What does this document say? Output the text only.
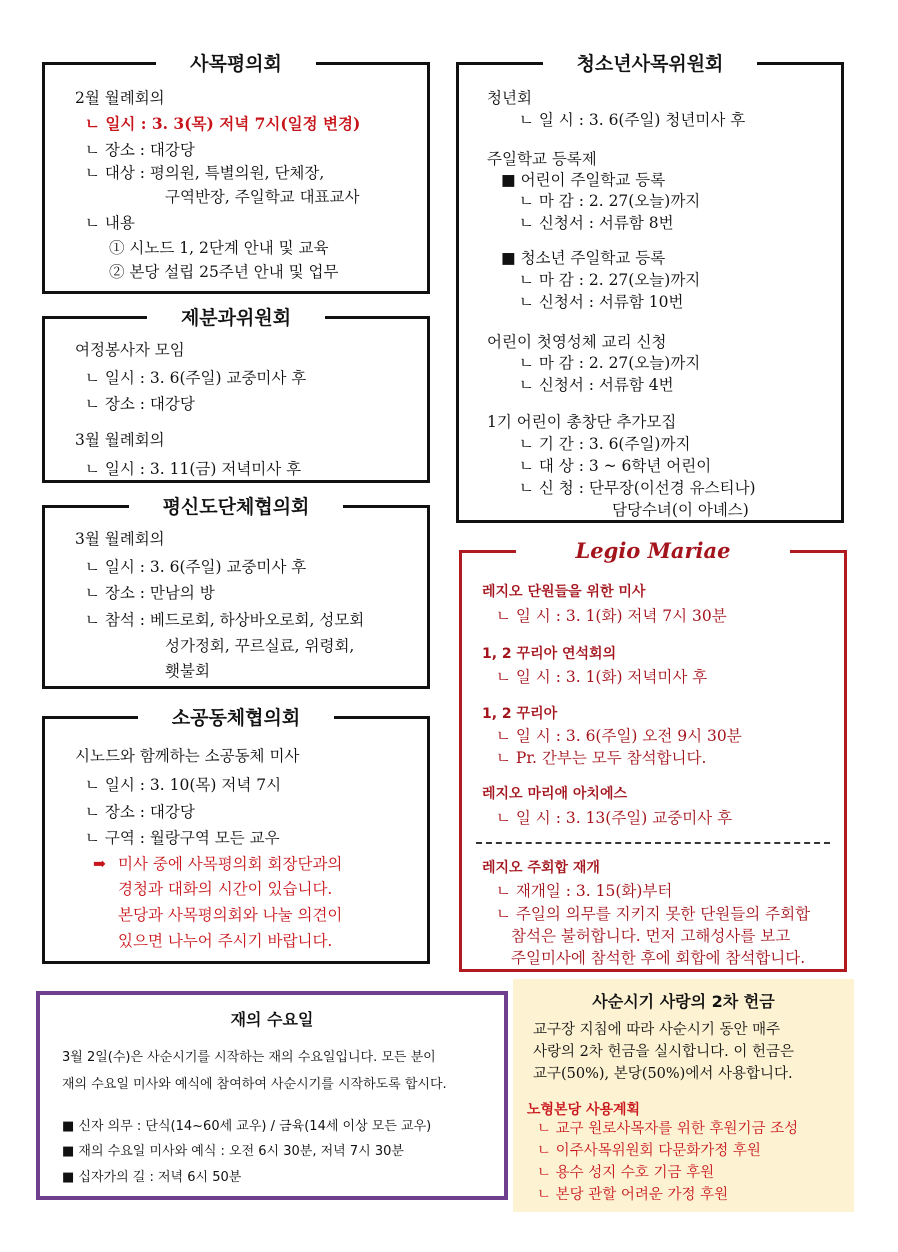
사목평의회
2월 월례회의
ㄴ 일시 : 3. 3(목) 저녁 7시(일정 변경)
ㄴ 장소 : 대강당
ㄴ 대상 : 평의원, 특별의원, 단체장,
구역반장, 주일학교 대표교사
ㄴ 내용
① 시노드 1, 2단계 안내 및 교육
② 본당 설립 25주년 안내 및 업무
제분과위원회
여정봉사자 모임
ㄴ 일시 : 3. 6(주일) 교중미사 후
ㄴ 장소 : 대강당
3월 월례회의
ㄴ 일시 : 3. 11(금) 저녁미사 후
평신도단체협의회
3월 월례회의
ㄴ 일시 : 3. 6(주일) 교중미사 후
ㄴ 장소 : 만남의 방
ㄴ 참석 : 베드로회, 하상바오로회, 성모회
성가정회, 꾸르실료, 위령회,
횃불회
소공동체협의회
시노드와 함께하는 소공동체 미사
ㄴ 일시 : 3. 10(목) 저녁 7시
ㄴ 장소 : 대강당
ㄴ 구역 : 월랑구역 모든 교우
➡ 미사 중에 사목평의회 회장단과의
경청과 대화의 시간이 있습니다.
본당과 사목평의회와 나눌 의견이
있으면 나누어 주시기 바랍니다.
청소년사목위원회
청년회
ㄴ 일 시 : 3. 6(주일) 청년미사 후
주일학교 등록제
■ 어린이 주일학교 등록
ㄴ 마 감 : 2. 27(오늘)까지
ㄴ 신청서 : 서류함 8번
■ 청소년 주일학교 등록
ㄴ 마 감 : 2. 27(오늘)까지
ㄴ 신청서 : 서류함 10번
어린이 첫영성체 교리 신청
ㄴ 마 감 : 2. 27(오늘)까지
ㄴ 신청서 : 서류함 4번
1기 어린이 총창단 추가모집
ㄴ 기 간 : 3. 6(주일)까지
ㄴ 대 상 : 3 ~ 6학년 어린이
ㄴ 신 청 : 단무장(이선경 유스티나)
담당수녀(이 아녜스)
Legio Mariae
레지오 단원들을 위한 미사
ㄴ 일 시 : 3. 1(화) 저녁 7시 30분
1, 2 꾸리아 연석회의
ㄴ 일 시 : 3. 1(화) 저녁미사 후
1, 2 꾸리아
ㄴ 일 시 : 3. 6(주일) 오전 9시 30분
ㄴ Pr. 간부는 모두 참석합니다.
레지오 마리애 아치에스
ㄴ 일 시 : 3. 13(주일) 교중미사 후
레지오 주회합 재개
ㄴ 재개일 : 3. 15(화)부터
ㄴ 주일의 의무를 지키지 못한 단원들의 주회합
참석은 불허합니다. 먼저 고해성사를 보고
주일미사에 참석한 후에 회합에 참석합니다.
재의 수요일
3월 2일(수)은 사순시기를 시작하는 재의 수요일입니다. 모든 분이
재의 수요일 미사와 예식에 참여하여 사순시기를 시작하도록 합시다.
■ 신자 의무 : 단식(14~60세 교우) / 금육(14세 이상 모든 교우)
■ 재의 수요일 미사와 예식 : 오전 6시 30분, 저녁 7시 30분
■ 십자가의 길 : 저녁 6시 50분
사순시기 사랑의 2차 헌금
교구장 지침에 따라 사순시기 동안 매주
사랑의 2차 헌금을 실시합니다. 이 헌금은
교구(50%), 본당(50%)에서 사용합니다.
노형본당 사용계획
ㄴ 교구 원로사목자를 위한 후원기금 조성
ㄴ 이주사목위원회 다문화가정 후원
ㄴ 용수 성지 수호 기금 후원
ㄴ 본당 관할 어려운 가정 후원
